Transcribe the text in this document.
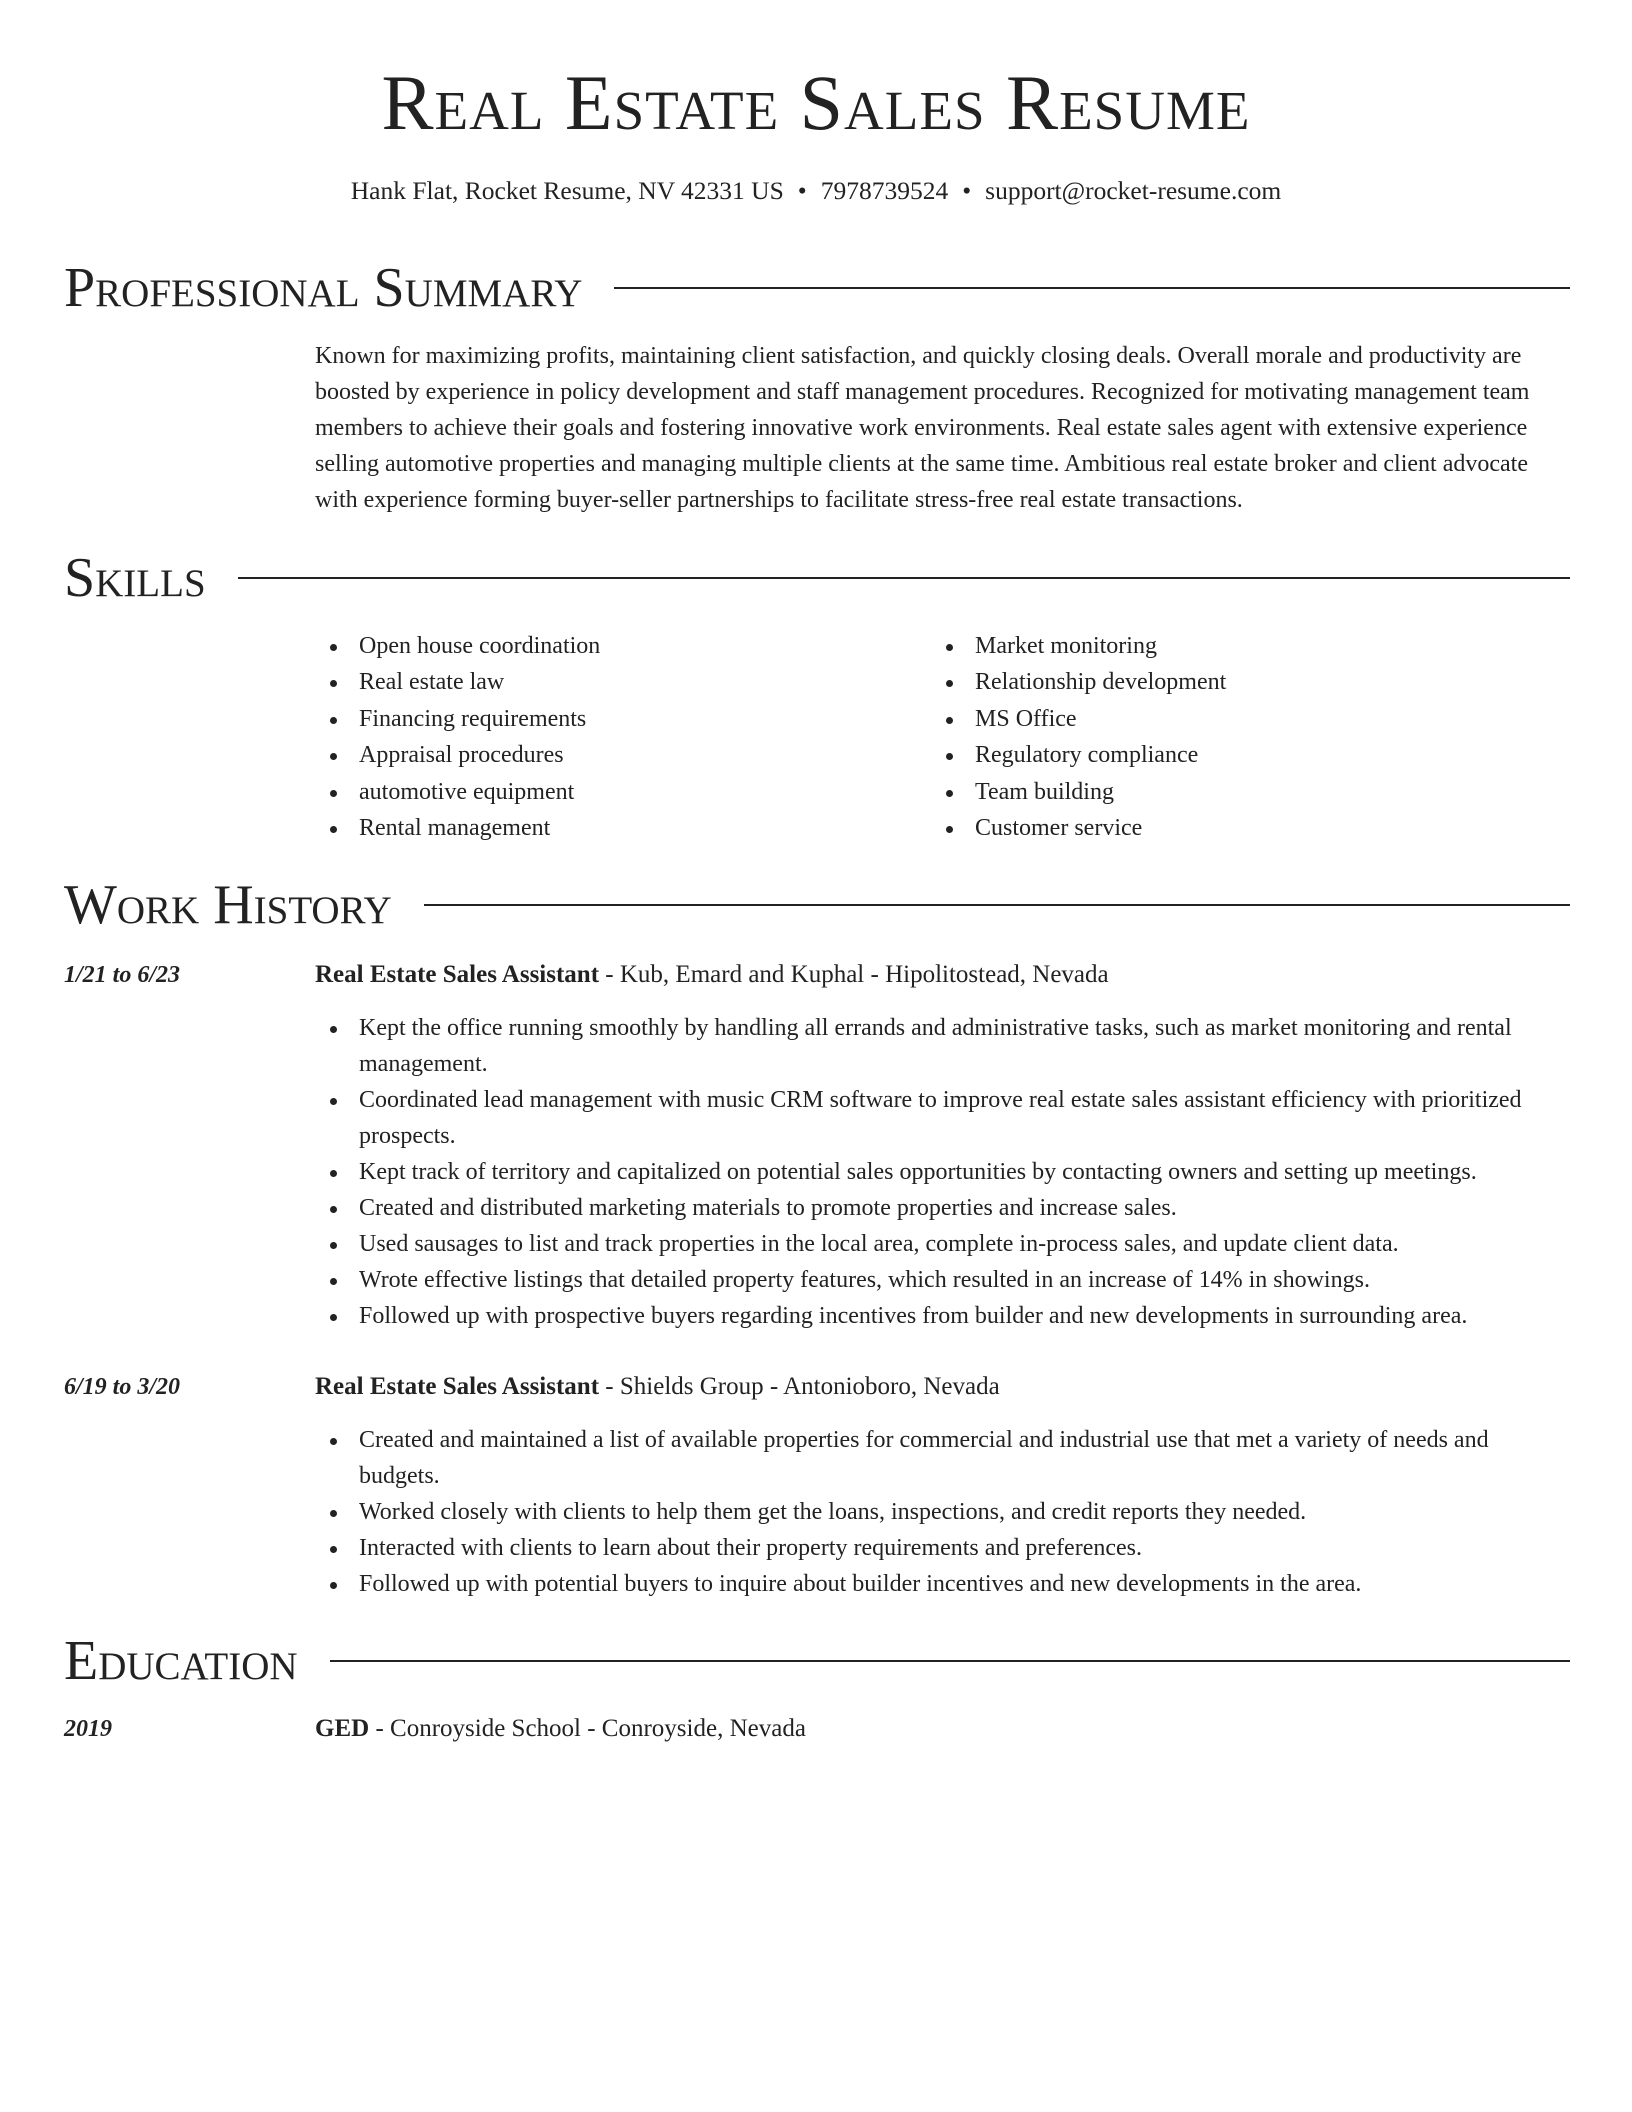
Real Estate Sales Resume
Hank Flat, Rocket Resume, NV 42331 US • 7978739524 • support@rocket-resume.com
Professional Summary

Known for maximizing profits, maintaining client satisfaction, and quickly closing deals. Overall morale and productivity are boosted by experience in policy development and staff management procedures. Recognized for motivating management team members to achieve their goals and fostering innovative work environments. Real estate sales agent with extensive experience selling automotive properties and managing multiple clients at the same time. Ambitious real estate broker and client advocate with experience forming buyer-seller partnerships to facilitate stress-free real estate transactions.

Skills
Open house coordination
Real estate law
Financing requirements
Appraisal procedures
automotive equipment
Rental management
Market monitoring
Relationship development
MS Office
Regulatory compliance
Team building
Customer service
Work History
1/21 to 6/23	Real Estate Sales Assistant - Kub, Emard and Kuphal - Hipolitostead, Nevada
Kept the office running smoothly by handling all errands and administrative tasks, such as market monitoring and rental management.
Coordinated lead management with music CRM software to improve real estate sales assistant efficiency with prioritized prospects.
Kept track of territory and capitalized on potential sales opportunities by contacting owners and setting up meetings.
Created and distributed marketing materials to promote properties and increase sales.
Used sausages to list and track properties in the local area, complete in-process sales, and update client data.
Wrote effective listings that detailed property features, which resulted in an increase of 14% in showings.
Followed up with prospective buyers regarding incentives from builder and new developments in surrounding area.
6/19 to 3/20	Real Estate Sales Assistant - Shields Group - Antonioboro, Nevada
Created and maintained a list of available properties for commercial and industrial use that met a variety of needs and budgets.
Worked closely with clients to help them get the loans, inspections, and credit reports they needed.
Interacted with clients to learn about their property requirements and preferences.
Followed up with potential buyers to inquire about builder incentives and new developments in the area.
Education
2019	GED - Conroyside School - Conroyside, Nevada
